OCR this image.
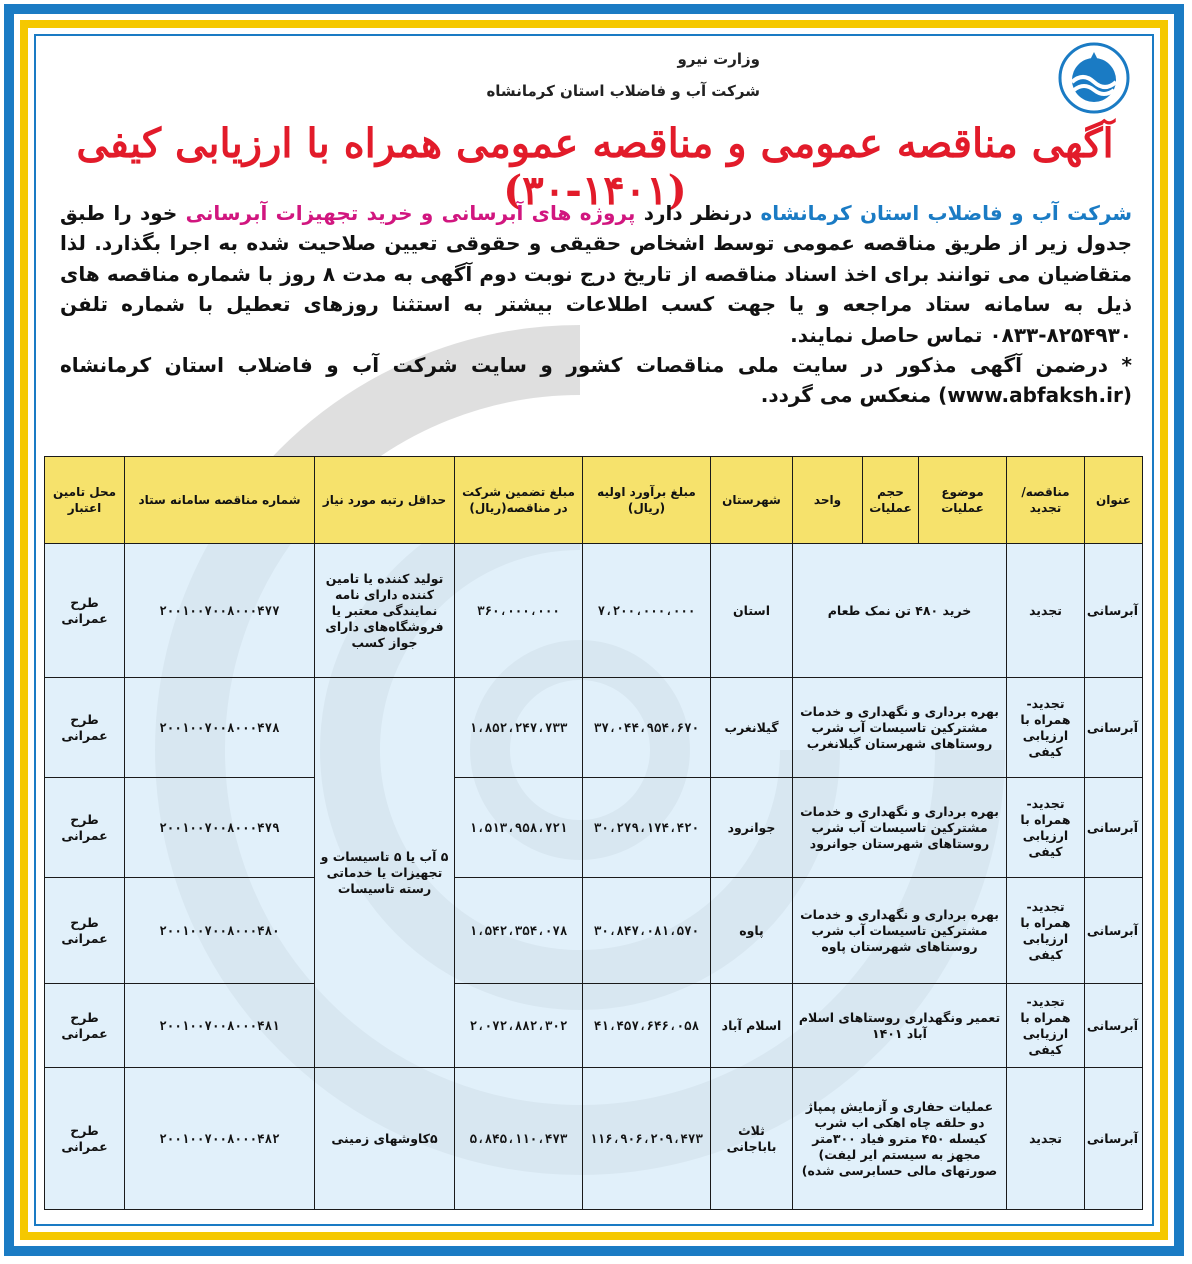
وزارت نیرو
شرکت آب و فاضلاب استان کرمانشاه
آگهی مناقصه عمومی و مناقصه عمومی همراه با ارزیابی کیفی (۱۴۰۱-۳۰)	شرکت آب و فاضلاب استان کرمانشاه درنظر دارد پروژه های آبرسانی و خرید تجهیزات آبرسانی خود را طبق جدول زیر از طریق مناقصه عمومی توسط اشخاص حقیقی و حقوقی تعیین صلاحیت شده به اجرا بگذارد. لذا متقاضیان می توانند برای اخذ اسناد مناقصه از تاریخ درج نوبت دوم آگهی به مدت ۸ روز با شماره مناقصه های ذیل به سامانه ستاد مراجعه و یا جهت کسب اطلاعات بیشتر به استثنا روزهای تعطیل با شماره تلفن ۸۲۵۴۹۳۰-۰۸۳۳ تماس حاصل نمایند.
* درضمن آگهی مذکور در سایت ملی مناقصات کشور و سایت شرکت آب و فاضلاب استان کرمانشاه (www.abfaksh.ir) منعکس می گردد.
عنوان	مناقصه/ تجدید	موضوع عملیات	حجم عملیات	واحد	شهرستان	مبلغ برآورد اولیه (ریال)	مبلغ تضمین شرکت در مناقصه(ریال)	حداقل رتبه مورد نیاز	شماره مناقصه سامانه ستاد	محل تامین اعتبار
آبرسانی	تجدید	خرید ۴۸۰ تن نمک طعام			استان	۷،۲۰۰،۰۰۰،۰۰۰	۳۶۰،۰۰۰،۰۰۰	تولید کننده یا تامین کننده دارای نامه نمایندگی معتبر یا فروشگاه‌های دارای جواز کسب	۲۰۰۱۰۰۷۰۰۸۰۰۰۴۷۷	طرح عمرانی
آبرسانی	تجدید- همراه با ارزیابی کیفی	بهره برداری و نگهداری و خدمات مشترکین تاسیسات آب شرب روستاهای شهرستان گیلانغرب			گیلانغرب	۳۷،۰۴۴،۹۵۴،۶۷۰	۱،۸۵۲،۲۴۷،۷۳۳	۵ آب یا ۵ تاسیسات و تجهیزات یا خدماتی رسته تاسیسات	۲۰۰۱۰۰۷۰۰۸۰۰۰۴۷۸	طرح عمرانی
آبرسانی	تجدید- همراه با ارزیابی کیفی	بهره برداری و نگهداری و خدمات مشترکین تاسیسات آب شرب روستاهای شهرستان جوانرود			جوانرود	۳۰،۲۷۹،۱۷۴،۴۲۰	۱،۵۱۳،۹۵۸،۷۲۱		۲۰۰۱۰۰۷۰۰۸۰۰۰۴۷۹	طرح عمرانی
آبرسانی	تجدید- همراه با ارزیابی کیفی	بهره برداری و نگهداری و خدمات مشترکین تاسیسات آب شرب روستاهای شهرستان پاوه			پاوه	۳۰،۸۴۷،۰۸۱،۵۷۰	۱،۵۴۲،۳۵۴،۰۷۸		۲۰۰۱۰۰۷۰۰۸۰۰۰۴۸۰	طرح عمرانی
آبرسانی	تجدید- همراه با ارزیابی کیفی	تعمیر ونگهداری روستاهای اسلام آباد ۱۴۰۱			اسلام آباد	۴۱،۴۵۷،۶۴۶،۰۵۸	۲،۰۷۲،۸۸۲،۳۰۲		۲۰۰۱۰۰۷۰۰۸۰۰۰۴۸۱	طرح عمرانی
آبرسانی	تجدید	عملیات حفاری و آزمایش پمپاژ دو حلقه چاه اهکی اب شرب کیسله ۴۵۰ مترو فیاد ۳۰۰متر مجهز به سیستم ایر لیفت) صورتهای مالی حسابرسی شده)			ثلاث باباجانی	۱۱۶،۹۰۶،۲۰۹،۴۷۳	۵،۸۴۵،۱۱۰،۴۷۳	۵کاوشهای زمینی	۲۰۰۱۰۰۷۰۰۸۰۰۰۴۸۲	طرح عمرانی
